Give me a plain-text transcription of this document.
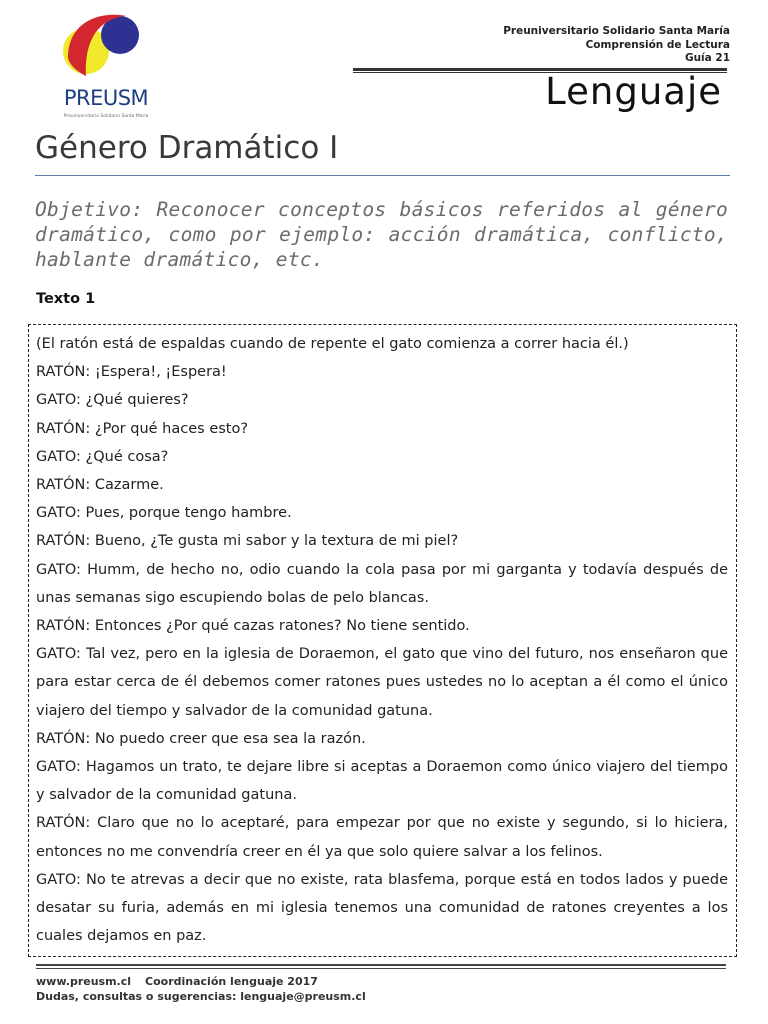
PREUSM
Preuniversitario Solidario Santa María
Preuniversitario Solidario Santa María
Comprensión de Lectura
Guía 21
Lenguaje
Género Dramático I
Objetivo: Reconocer conceptos básicos referidos al género dramático, como por ejemplo: acción dramática, conflicto, hablante dramático, etc.
Texto 1
(El ratón está de espaldas cuando de repente el gato comienza a correr hacia él.)
RATÓN: ¡Espera!, ¡Espera!
GATO: ¿Qué quieres?
RATÓN: ¿Por qué haces esto?
GATO: ¿Qué cosa?
RATÓN: Cazarme.
GATO: Pues, porque tengo hambre.
RATÓN: Bueno, ¿Te gusta mi sabor y la textura de mi piel?
GATO: Humm, de hecho no, odio cuando la cola pasa por mi garganta y todavía después de unas semanas sigo escupiendo bolas de pelo blancas.
RATÓN: Entonces ¿Por qué cazas ratones? No tiene sentido.
GATO: Tal vez, pero en la iglesia de Doraemon, el gato que vino del futuro, nos enseñaron que para estar cerca de él debemos comer ratones pues ustedes no lo aceptan a él como el único viajero del tiempo y salvador de la comunidad gatuna.
RATÓN: No puedo creer que esa sea la razón.
GATO: Hagamos un trato, te dejare libre si aceptas a Doraemon como único viajero del tiempo y salvador de la comunidad gatuna.
RATÓN: Claro que no lo aceptaré, para empezar por que no existe y segundo, si lo hiciera, entonces no me convendría creer en él ya que solo quiere salvar a los felinos.
GATO: No te atrevas a decir que no existe, rata blasfema, porque está en todos lados y puede desatar su furia, además en mi iglesia tenemos una comunidad de ratones creyentes a los cuales dejamos en paz.
www.preusm.cl Coordinación lenguaje 2017
Dudas, consultas o sugerencias: lenguaje@preusm.cl
